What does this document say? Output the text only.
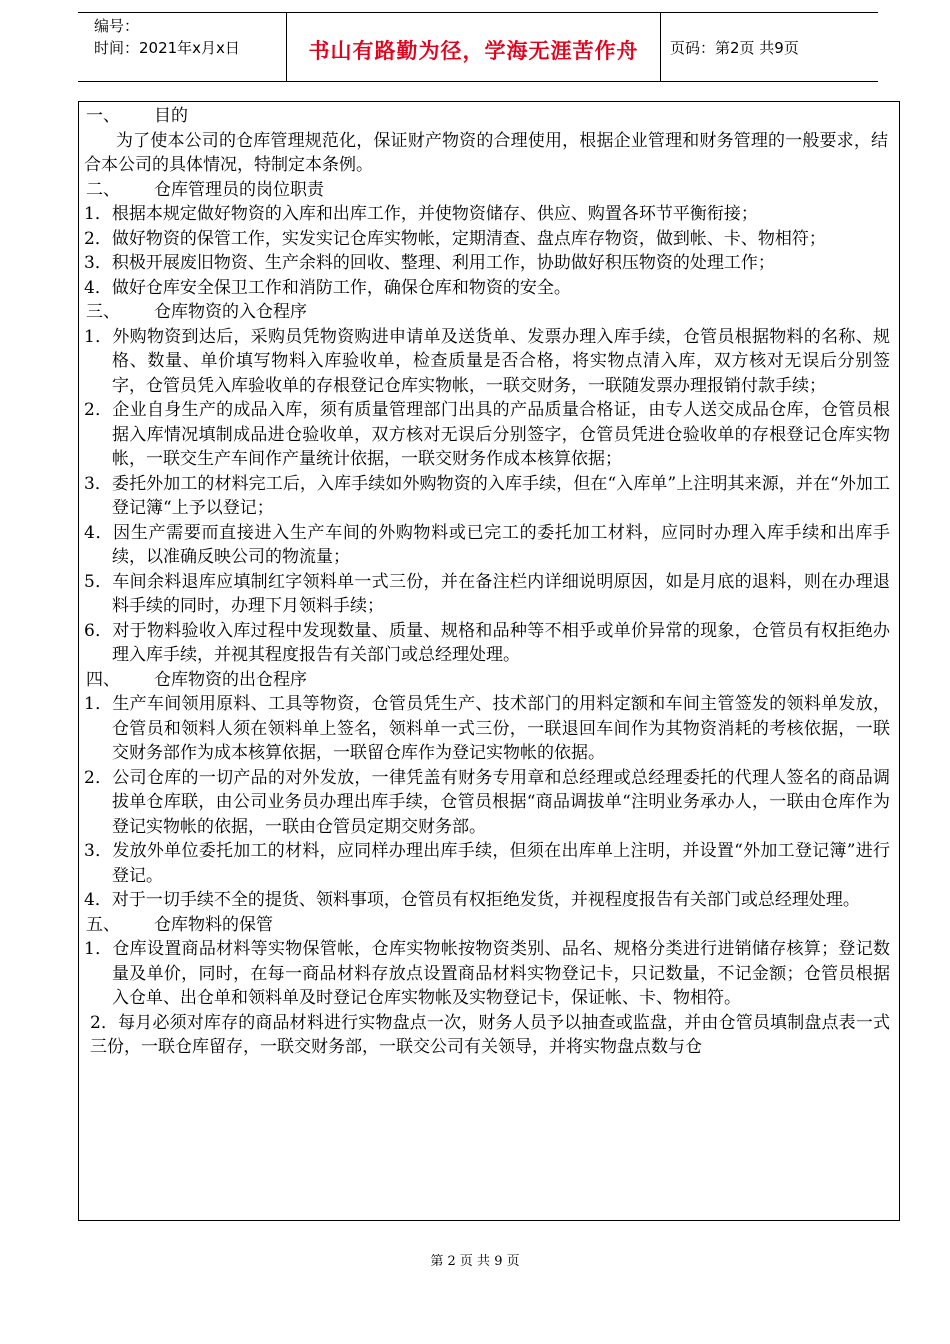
编号：
时间：2021年x月x日	书山有路勤为径，学海无涯苦作舟	页码：第2页 共9页

一、 目的

为了使本公司的仓库管理规范化，保证财产物资的合理使用，根据企业管理和财务管理的一般要求，结合本公司的具体情况，特制定本条例。

二、 仓库管理员的岗位职责

1．根据本规定做好物资的入库和出库工作，并使物资储存、供应、购置各环节平衡衔接；

2．做好物资的保管工作，实发实记仓库实物帐，定期清查、盘点库存物资，做到帐、卡、物相符；

3．积极开展废旧物资、生产余料的回收、整理、利用工作，协助做好积压物资的处理工作；

4．做好仓库安全保卫工作和消防工作，确保仓库和物资的安全。

三、 仓库物资的入仓程序

1．外购物资到达后，采购员凭物资购进申请单及送货单、发票办理入库手续，仓管员根据物料的名称、规格、数量、单价填写物料入库验收单，检查质量是否合格，将实物点清入库，双方核对无误后分别签字，仓管员凭入库验收单的存根登记仓库实物帐，一联交财务，一联随发票办理报销付款手续；

2．企业自身生产的成品入库，须有质量管理部门出具的产品质量合格证，由专人送交成品仓库，仓管员根据入库情况填制成品进仓验收单，双方核对无误后分别签字，仓管员凭进仓验收单的存根登记仓库实物帐，一联交生产车间作产量统计依据，一联交财务作成本核算依据；

3．委托外加工的材料完工后，入库手续如外购物资的入库手续，但在“入库单”上注明其来源，并在“外加工登记簿“上予以登记；

4．因生产需要而直接进入生产车间的外购物料或已完工的委托加工材料，应同时办理入库手续和出库手续，以准确反映公司的物流量；

5．车间余料退库应填制红字领料单一式三份，并在备注栏内详细说明原因，如是月底的退料，则在办理退料手续的同时，办理下月领料手续；

6．对于物料验收入库过程中发现数量、质量、规格和品种等不相乎或单价异常的现象，仓管员有权拒绝办理入库手续，并视其程度报告有关部门或总经理处理。

四、 仓库物资的出仓程序

1．生产车间领用原料、工具等物资，仓管员凭生产、技术部门的用料定额和车间主管签发的领料单发放，仓管员和领料人须在领料单上签名，领料单一式三份，一联退回车间作为其物资消耗的考核依据，一联交财务部作为成本核算依据，一联留仓库作为登记实物帐的依据。

2．公司仓库的一切产品的对外发放，一律凭盖有财务专用章和总经理或总经理委托的代理人签名的商品调拔单仓库联，由公司业务员办理出库手续，仓管员根据“商品调拔单“注明业务承办人，一联由仓库作为登记实物帐的依据，一联由仓管员定期交财务部。

3．发放外单位委托加工的材料，应同样办理出库手续，但须在出库单上注明，并设置“外加工登记簿”进行登记。

4．对于一切手续不全的提货、领料事项，仓管员有权拒绝发货，并视程度报告有关部门或总经理处理。

五、 仓库物料的保管

1．仓库设置商品材料等实物保管帐，仓库实物帐按物资类别、品名、规格分类进行进销储存核算；登记数量及单价，同时，在每一商品材料存放点设置商品材料实物登记卡，只记数量，不记金额；仓管员根据入仓单、出仓单和领料单及时登记仓库实物帐及实物登记卡，保证帐、卡、物相符。

2．每月必须对库存的商品材料进行实物盘点一次，财务人员予以抽查或监盘，并由仓管员填制盘点表一式三份，一联仓库留存，一联交财务部，一联交公司有关领导，并将实物盘点数与仓

第 2 页 共 9 页
